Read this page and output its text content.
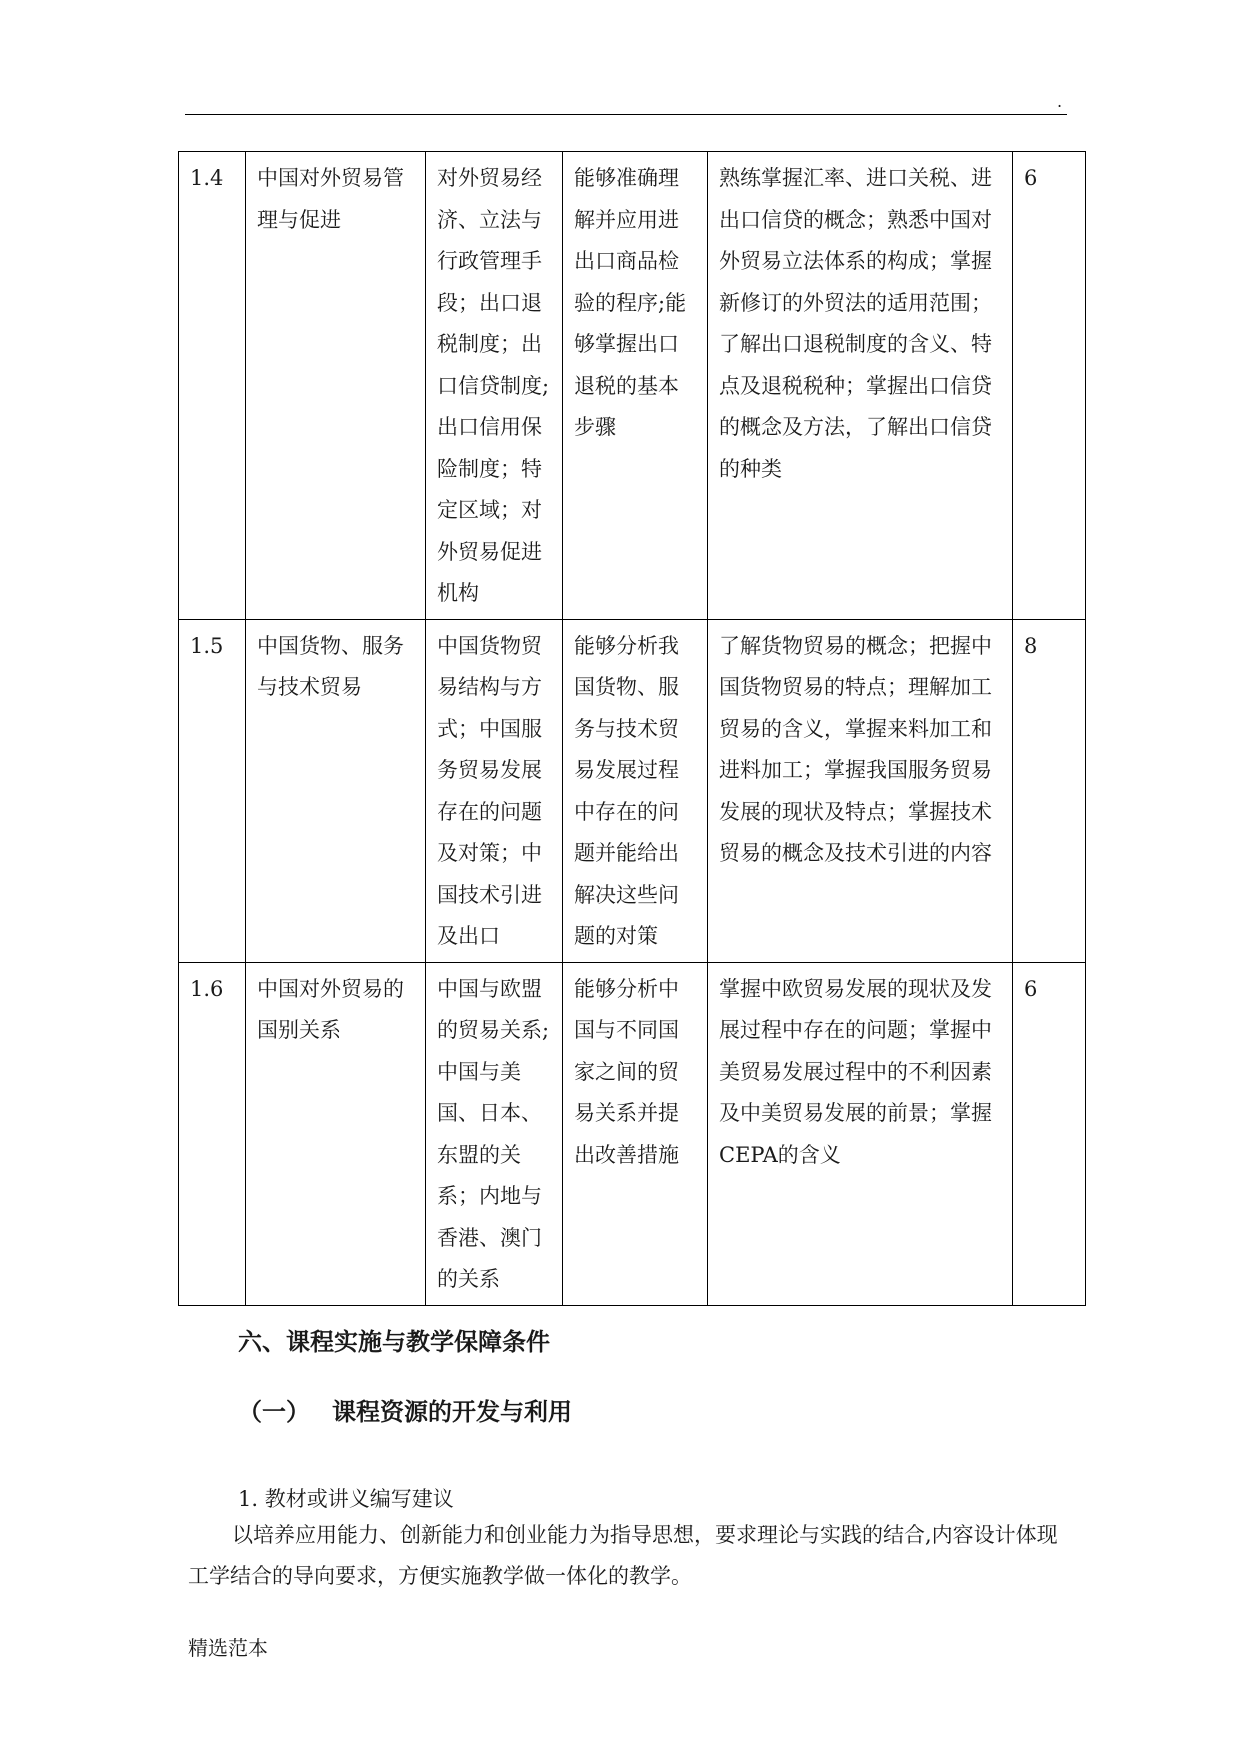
.
1.4	中国对外贸易管理与促进	对外贸易经济、立法与行政管理手段；出口退税制度；出口信贷制度;出口信用保险制度；特定区域；对外贸易促进机构	能够准确理解并应用进出口商品检验的程序;能够掌握出口退税的基本步骤	熟练掌握汇率、进口关税、进出口信贷的概念；熟悉中国对外贸易立法体系的构成；掌握新修订的外贸法的适用范围；了解出口退税制度的含义、特点及退税税种；掌握出口信贷的概念及方法，了解出口信贷的种类	6
1.5	中国货物、服务与技术贸易	中国货物贸易结构与方式；中国服务贸易发展存在的问题及对策；中国技术引进及出口	能够分析我国货物、服务与技术贸易发展过程中存在的问题并能给出解决这些问题的对策	了解货物贸易的概念；把握中国货物贸易的特点；理解加工贸易的含义，掌握来料加工和进料加工；掌握我国服务贸易发展的现状及特点；掌握技术贸易的概念及技术引进的内容	8
1.6	中国对外贸易的国别关系	中国与欧盟的贸易关系;中国与美国、日本、东盟的关系；内地与香港、澳门的关系	能够分析中国与不同国家之间的贸易关系并提出改善措施	掌握中欧贸易发展的现状及发展过程中存在的问题；掌握中美贸易发展过程中的不利因素及中美贸易发展的前景；掌握CEPA的含义	6
六、课程实施与教学保障条件
（一） 课程资源的开发与利用
1. 教材或讲义编写建议
以培养应用能力、创新能力和创业能力为指导思想，要求理论与实践的结合,内容设计体现工学结合的导向要求，方便实施教学做一体化的教学。
精选范本
